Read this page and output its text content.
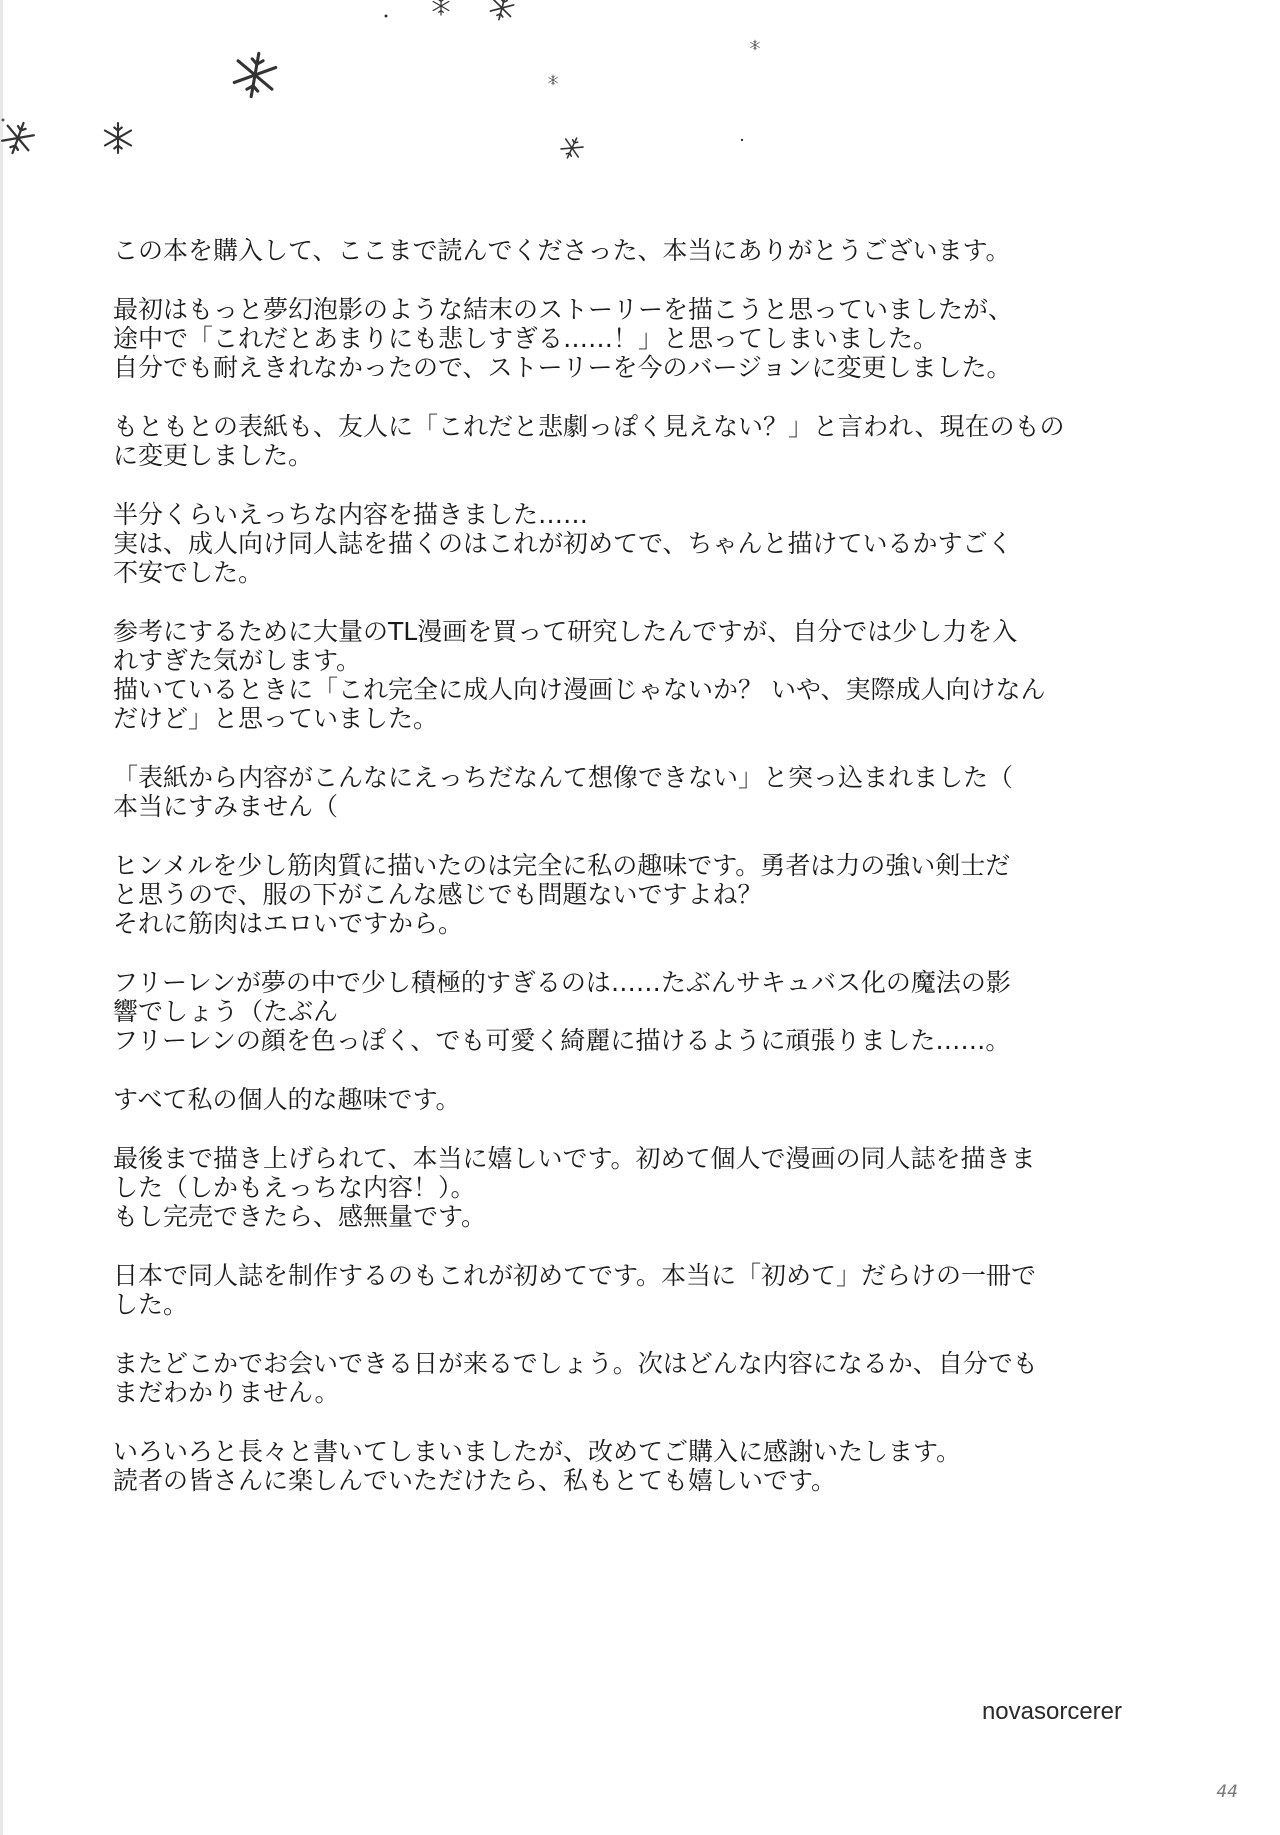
この本を購入して、ここまで読んでくださった、本当にありがとうございます。

最初はもっと夢幻泡影のような結末のストーリーを描こうと思っていましたが、
途中で「これだとあまりにも悲しすぎる……！」と思ってしまいました。
自分でも耐えきれなかったので、ストーリーを今のバージョンに変更しました。

もともとの表紙も、友人に「これだと悲劇っぽく見えない？」と言われ、現在のもの
に変更しました。

半分くらいえっちな内容を描きました……
実は、成人向け同人誌を描くのはこれが初めてで、ちゃんと描けているかすごく
不安でした。

参考にするために大量のTL漫画を買って研究したんですが、自分では少し力を入
れすぎた気がします。
描いているときに「これ完全に成人向け漫画じゃないか？ いや、実際成人向けなん
だけど」と思っていました。

「表紙から内容がこんなにえっちだなんて想像できない」と突っ込まれました（
本当にすみません（

ヒンメルを少し筋肉質に描いたのは完全に私の趣味です。勇者は力の強い剣士だ
と思うので、服の下がこんな感じでも問題ないですよね？
それに筋肉はエロいですから。

フリーレンが夢の中で少し積極的すぎるのは……たぶんサキュバス化の魔法の影
響でしょう（たぶん
フリーレンの顔を色っぽく、でも可愛く綺麗に描けるように頑張りました……。

すべて私の個人的な趣味です。

最後まで描き上げられて、本当に嬉しいです。初めて個人で漫画の同人誌を描きま
した（しかもえっちな内容！）。
もし完売できたら、感無量です。

日本で同人誌を制作するのもこれが初めてです。本当に「初めて」だらけの一冊で
した。

またどこかでお会いできる日が来るでしょう。次はどんな内容になるか、自分でも
まだわかりません。

いろいろと長々と書いてしまいましたが、改めてご購入に感謝いたします。
読者の皆さんに楽しんでいただけたら、私もとても嬉しいです。

novasorcerer
44
